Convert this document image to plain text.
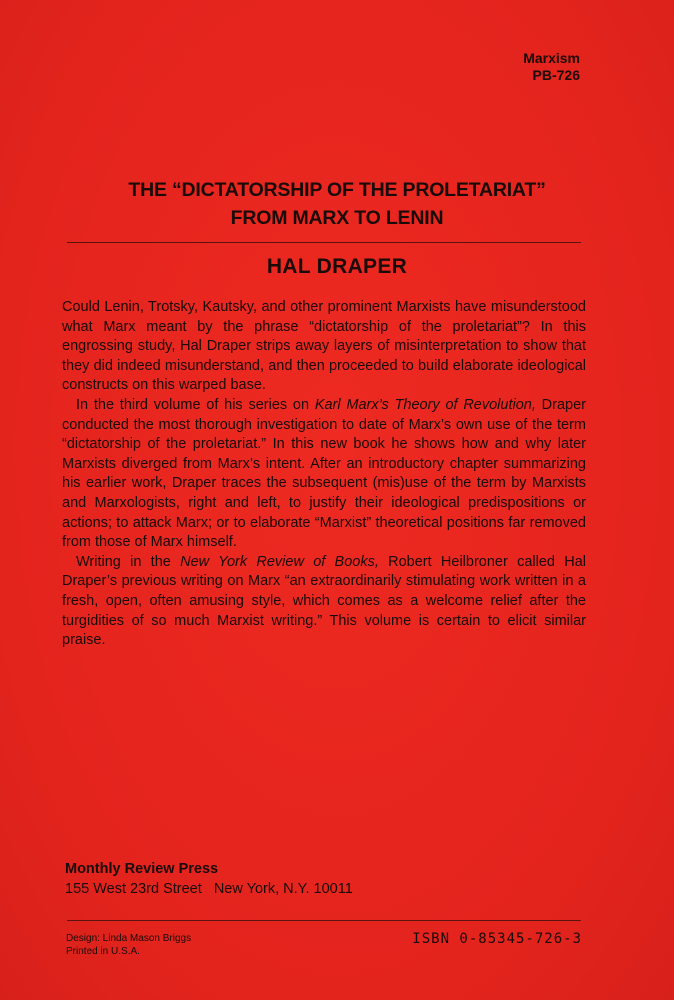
Marxism
PB-726
THE “DICTATORSHIP OF THE PROLETARIAT”
FROM MARX TO LENIN
HAL DRAPER

Could Lenin, Trotsky, Kautsky, and other prominent Marxists have misunderstood what Marx meant by the phrase “dictatorship of the proletariat”? In this engrossing study, Hal Draper strips away layers of misinterpretation to show that they did indeed misunderstand, and then proceeded to build elaborate ideological constructs on this warped base.

In the third volume of his series on Karl Marx’s Theory of Revolution, Draper conducted the most thorough investigation to date of Marx’s own use of the term “dictatorship of the proletariat.” In this new book he shows how and why later Marxists diverged from Marx’s intent. After an introductory chapter summarizing his earlier work, Draper traces the subsequent (mis)use of the term by Marxists and Marxologists, right and left, to justify their ideological predispositions or actions; to attack Marx; or to elaborate “Marxist” theoretical positions far removed from those of Marx himself.

Writing in the New York Review of Books, Robert Heilbroner called Hal Draper’s previous writing on Marx “an extraordinarily stimulating work written in a fresh, open, often amusing style, which comes as a welcome relief after the turgidities of so much Marxist writing.” This volume is certain to elicit similar praise.

Monthly Review Press
155 West 23rd Street   New York, N.Y. 10011
Design: Linda Mason Briggs
Printed in U.S.A.
ISBN 0-85345-726-3
